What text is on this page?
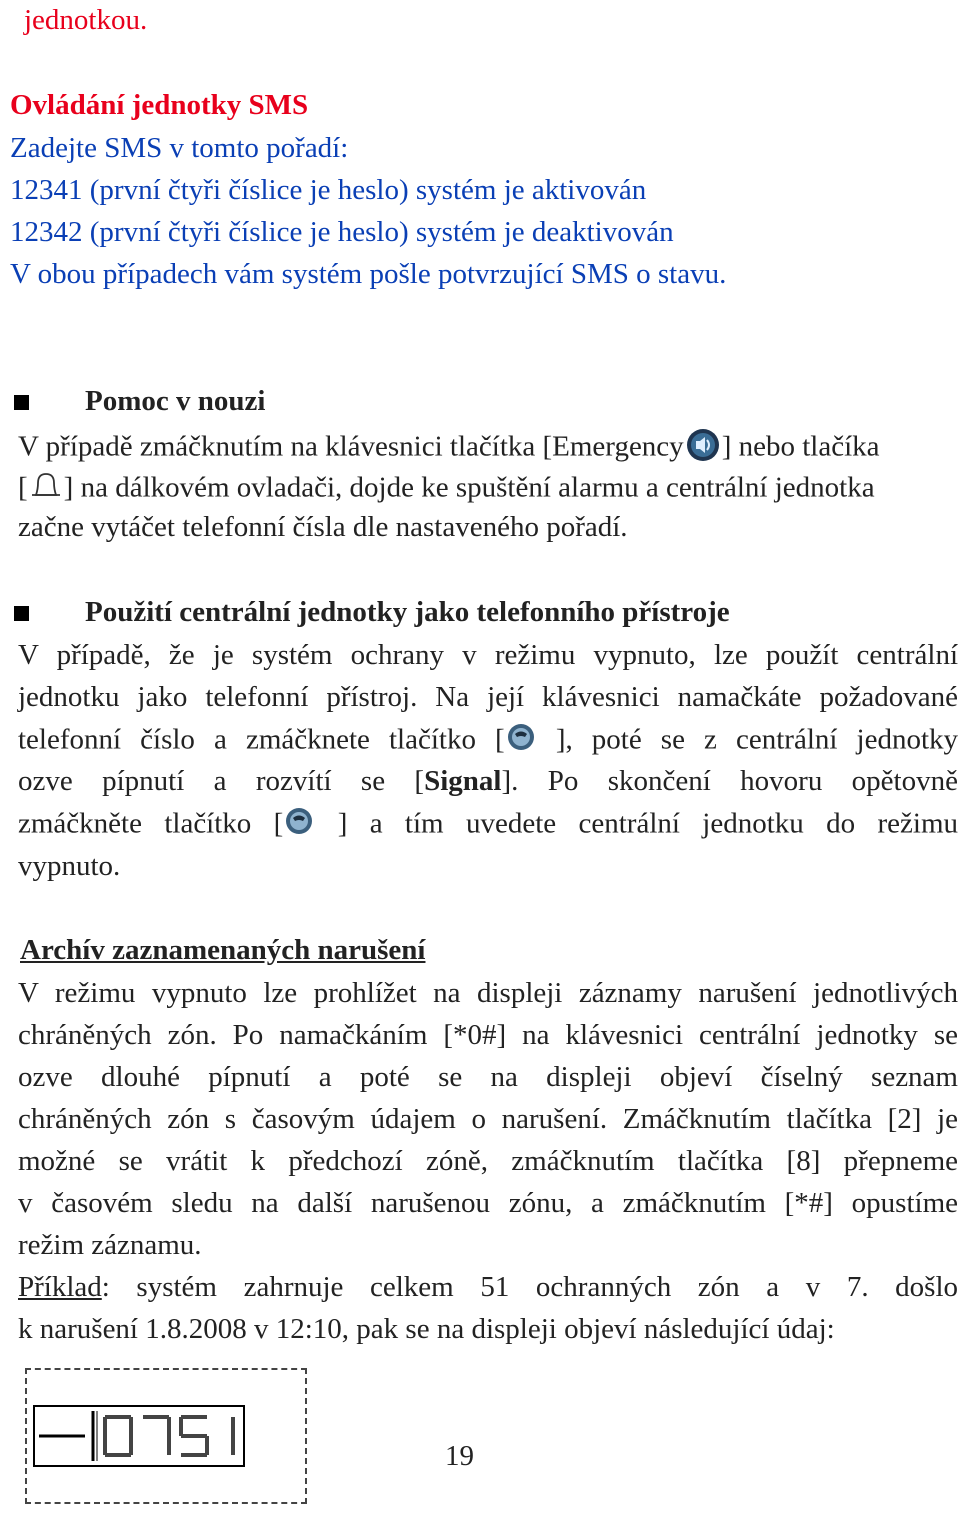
jednotkou.
Ovládání jednotky SMS
Zadejte SMS v tomto pořadí:
12341 (první čtyři číslice je heslo) systém je aktivován
12342 (první čtyři číslice je heslo) systém je deaktivován
V obou případech vám systém pošle potvrzující SMS o stavu.
Pomoc v nouzi
V případě zmáčknutím na klávesnici tlačítka [Emergency ] nebo tlačíka
[ ] na dálkovém ovladači, dojde ke spuštění alarmu a centrální jednotka
začne vytáčet telefonní čísla dle nastaveného pořadí.
Použití centrální jednotky jako telefonního přístroje
V případě, že je systém ochrany v režimu vypnuto, lze použít centrální
jednotku jako telefonní přístroj. Na její klávesnici namačkáte požadované
telefonní číslo a zmáčknete tlačítko [ ], poté se z centrální jednotky
ozve pípnutí a rozvítí se [Signal]. Po skončení hovoru opětovně
zmáčkněte tlačítko [ ] a tím uvedete centrální jednotku do režimu
vypnuto.
Archív zaznamenaných narušení
V režimu vypnuto lze prohlížet na displeji záznamy narušení jednotlivých
chráněných zón. Po namačkáním [*0#] na klávesnici centrální jednotky se
ozve dlouhé pípnutí a poté se na displeji objeví číselný seznam
chráněných zón s časovým údajem o narušení. Zmáčknutím tlačítka [2] je
možné se vrátit k předchozí zóně, zmáčknutím tlačítka [8] přepneme
v časovém sledu na další narušenou zónu, a zmáčknutím [*#] opustíme
režim záznamu.
Příklad: systém zahrnuje celkem 51 ochranných zón a v 7. došlo
k narušení 1.8.2008 v 12:10, pak se na displeji objeví následující údaj:
19
